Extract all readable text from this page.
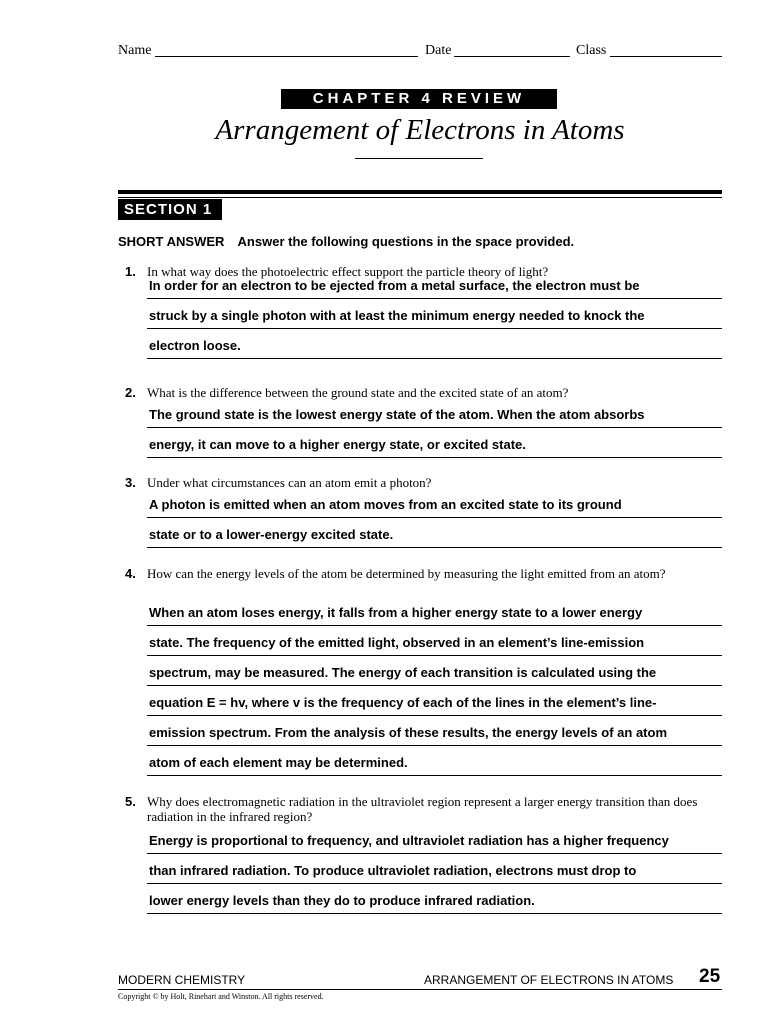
Name	Date	Class
CHAPTER 4 REVIEW
Arrangement of Electrons in Atoms
SECTION 1
SHORT ANSWER Answer the following questions in the space provided.
1. In what way does the photoelectric effect support the particle theory of light?
In order for an electron to be ejected from a metal surface, the electron must be
struck by a single photon with at least the minimum energy needed to knock the
electron loose.
2. What is the difference between the ground state and the excited state of an atom?
The ground state is the lowest energy state of the atom. When the atom absorbs
energy, it can move to a higher energy state, or excited state.
3. Under what circumstances can an atom emit a photon?
A photon is emitted when an atom moves from an excited state to its ground
state or to a lower-energy excited state.
4. How can the energy levels of the atom be determined by measuring the light emitted from an atom?
When an atom loses energy, it falls from a higher energy state to a lower energy
state. The frequency of the emitted light, observed in an element’s line-emission
spectrum, may be measured. The energy of each transition is calculated using the
equation E = hv, where v is the frequency of each of the lines in the element’s line-
emission spectrum. From the analysis of these results, the energy levels of an atom
atom of each element may be determined.
5. Why does electromagnetic radiation in the ultraviolet region represent a larger energy transition than does radiation in the infrared region?
Energy is proportional to frequency, and ultraviolet radiation has a higher frequency
than infrared radiation. To produce ultraviolet radiation, electrons must drop to
lower energy levels than they do to produce infrared radiation.
MODERN CHEMISTRY	ARRANGEMENT OF ELECTRONS IN ATOMS 25
Copyright © by Holt, Rinehart and Winston. All rights reserved.
